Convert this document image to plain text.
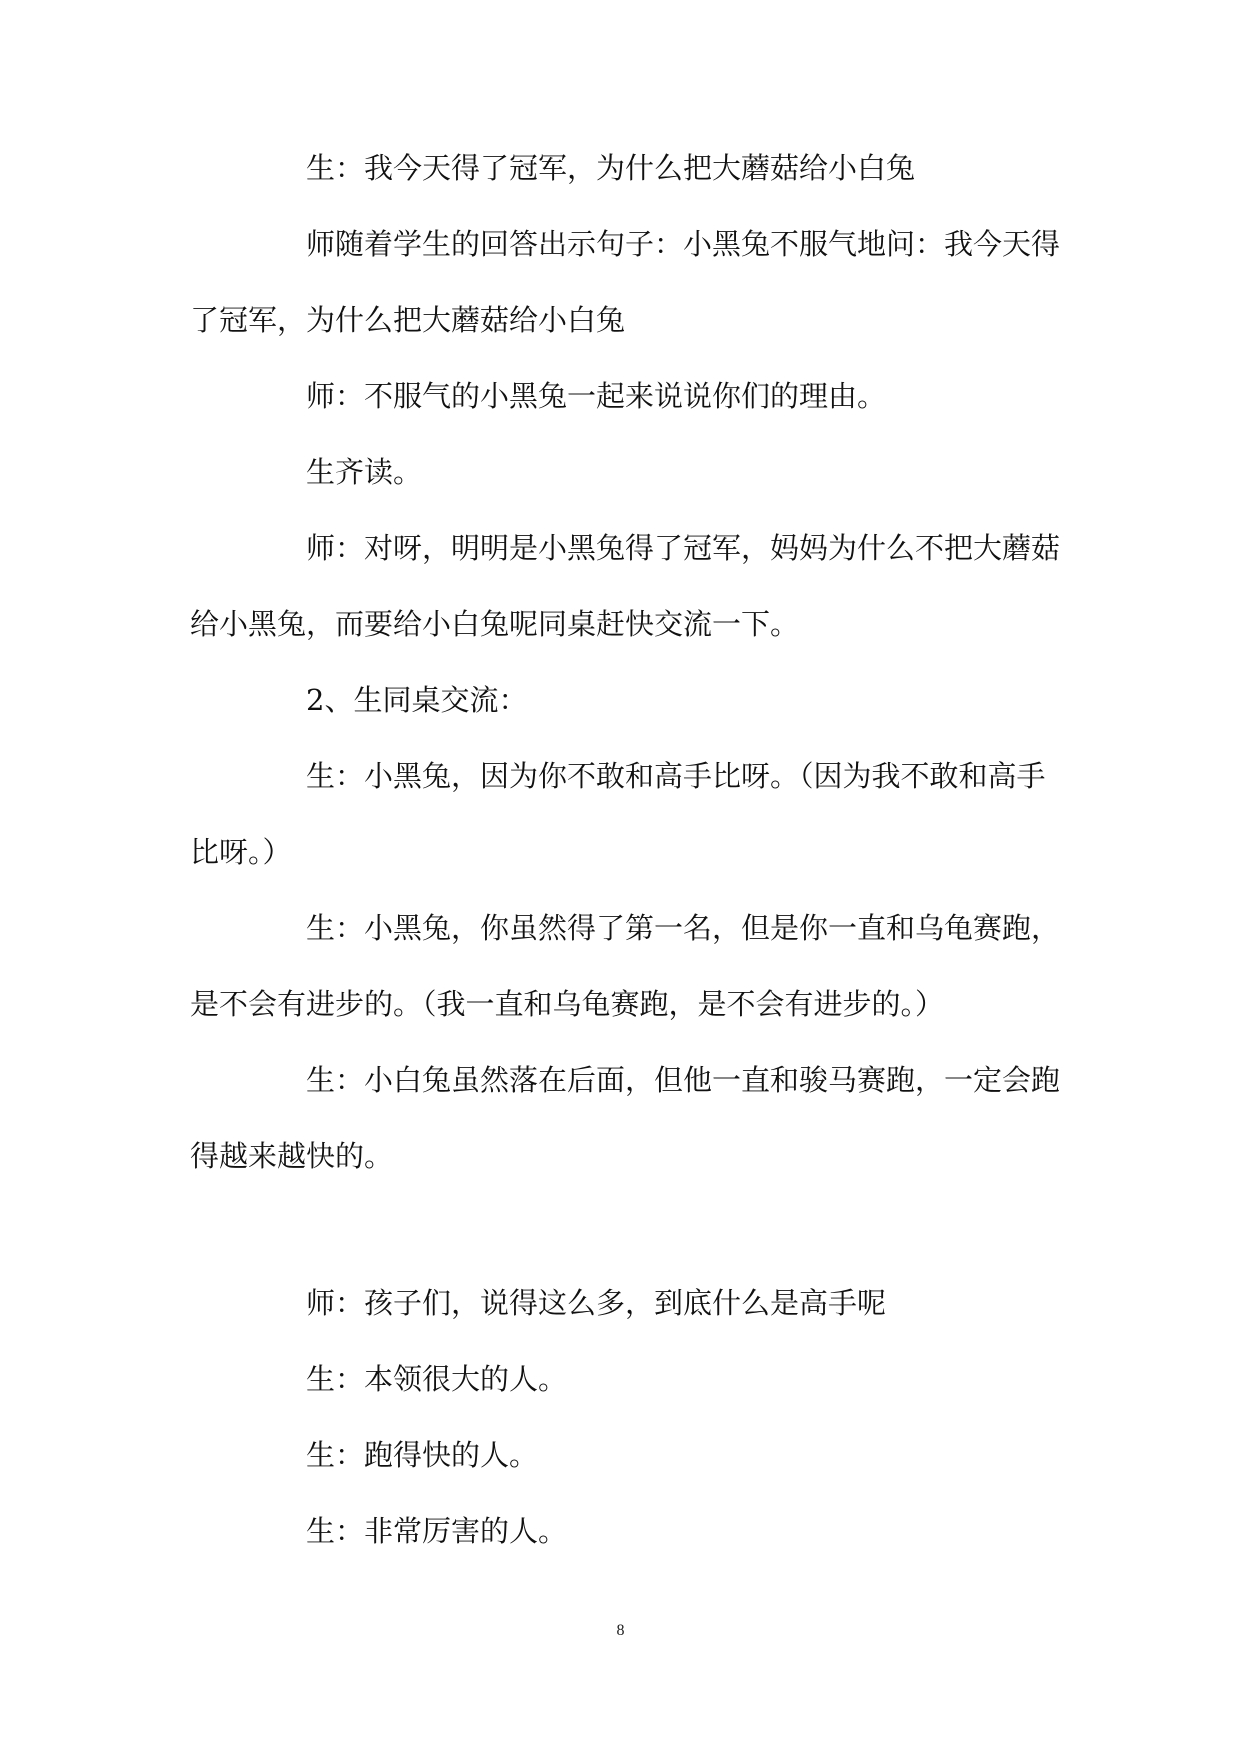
生：我今天得了冠军，为什么把大蘑菇给小白兔

师随着学生的回答出示句子：小黑兔不服气地问：我今天得

了冠军，为什么把大蘑菇给小白兔

师：不服气的小黑兔一起来说说你们的理由。

生齐读。

师：对呀，明明是小黑兔得了冠军，妈妈为什么不把大蘑菇

给小黑兔，而要给小白兔呢同桌赶快交流一下。

2、生同桌交流：

生：小黑兔，因为你不敢和高手比呀。（因为我不敢和高手

比呀。）

生：小黑兔，你虽然得了第一名，但是你一直和乌龟赛跑，

是不会有进步的。（我一直和乌龟赛跑，是不会有进步的。）

生：小白兔虽然落在后面，但他一直和骏马赛跑，一定会跑

得越来越快的。

师：孩子们，说得这么多，到底什么是高手呢

生：本领很大的人。

生：跑得快的人。

生：非常厉害的人。

8
